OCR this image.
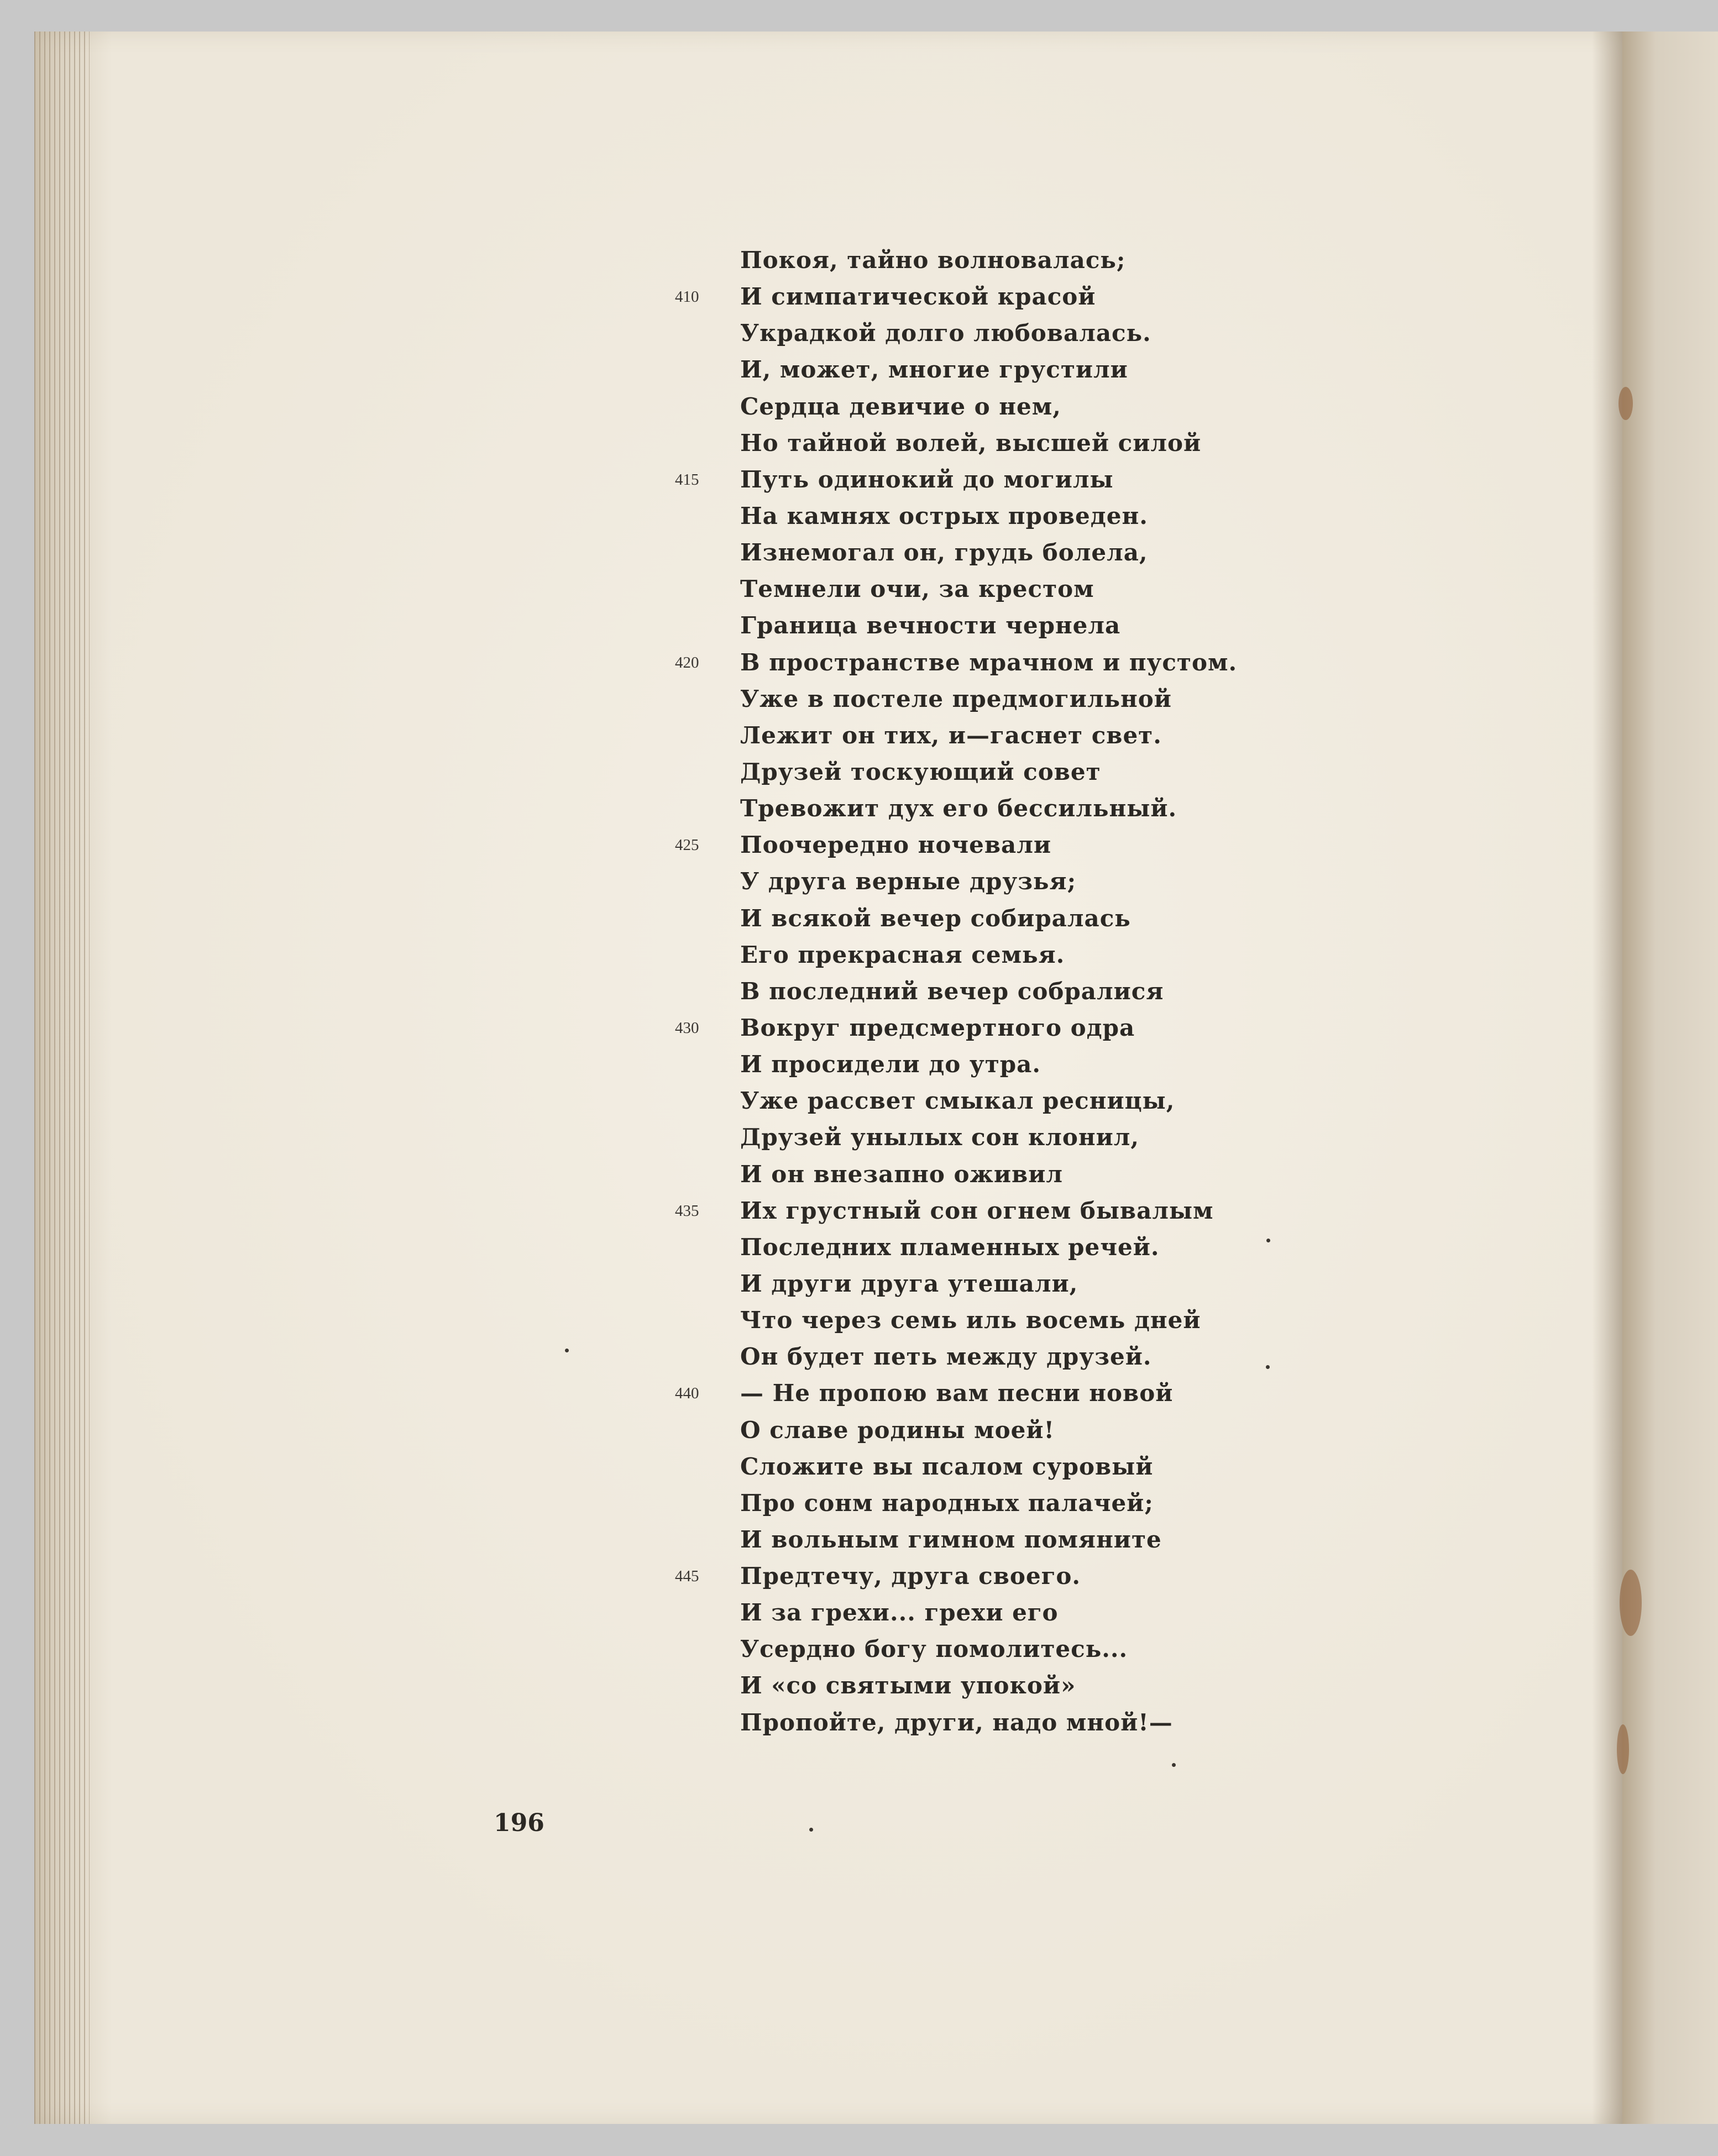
Покоя, тайно волновалась;
410	И симпатической красой
Украдкой долго любовалась.
И, может, многие грустили
Сердца девичие о нем,
Но тайной волей, высшей силой
415	Путь одинокий до могилы
На камнях острых проведен.
Изнемогал он, грудь болела,
Темнели очи, за крестом
Граница вечности чернела
420	В пространстве мрачном и пустом.
Уже в постеле предмогильной
Лежит он тих, и—гаснет свет.
Друзей тоскующий совет
Тревожит дух его бессильный.
425	Поочередно ночевали
У друга верные друзья;
И всякой вечер собиралась
Его прекрасная семья.
В последний вечер собралися
430	Вокруг предсмертного одра
И просидели до утра.
Уже рассвет смыкал ресницы,
Друзей унылых сон клонил,
И он внезапно оживил
435	Их грустный сон огнем бывалым
Последних пламенных речей.
И други друга утешали,
Что через семь иль восемь дней
Он будет петь между друзей.
440	— Не пропою вам песни новой
О славе родины моей!
Сложите вы псалом суровый
Про сонм народных палачей;
И вольным гимном помяните
445	Предтечу, друга своего.
И за грехи... грехи его
Усердно богу помолитесь...
И «со святыми упокой»
Пропойте, други, надо мной!—
196
